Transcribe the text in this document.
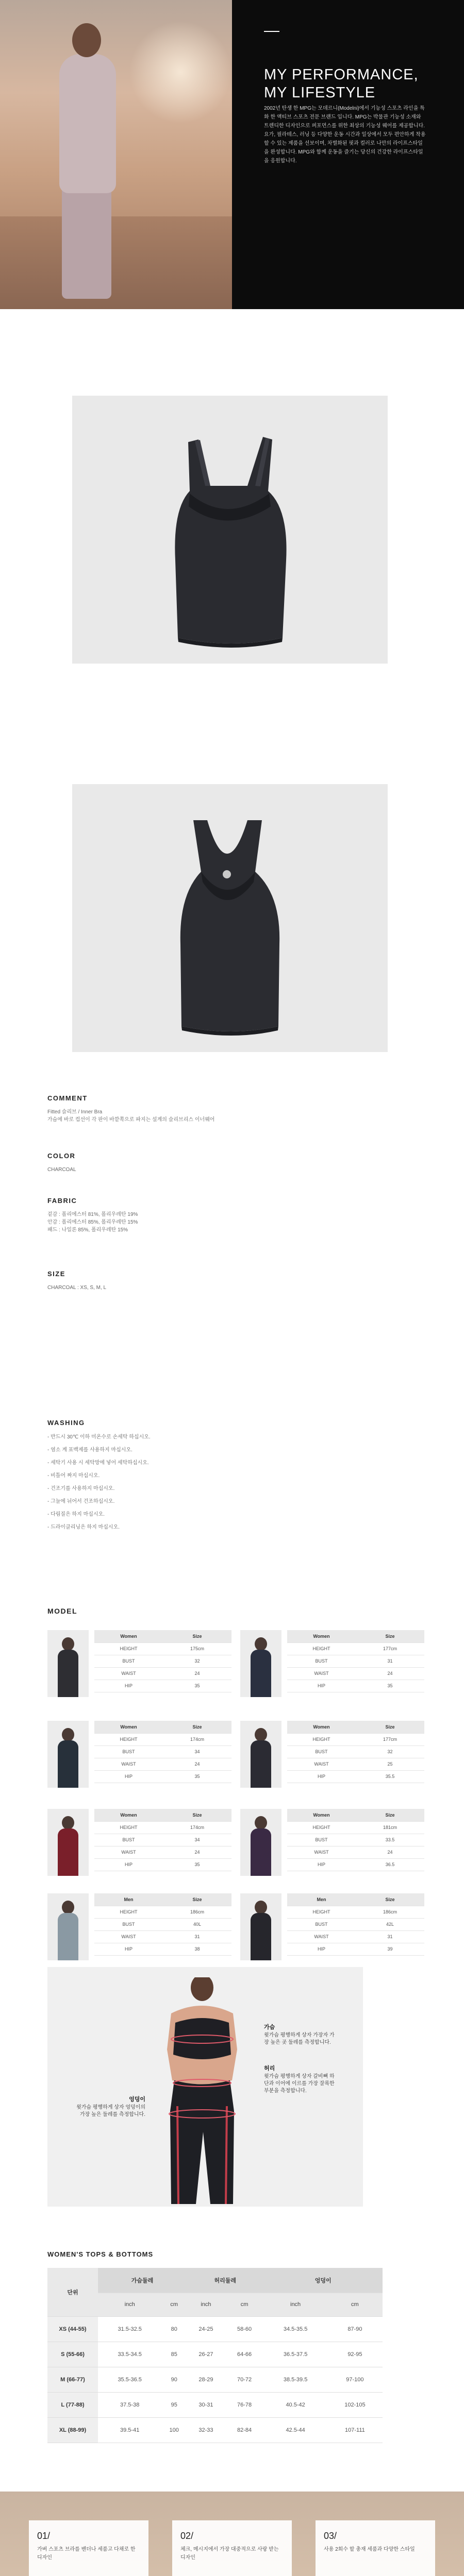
MY PERFORMANCE,
MY LIFESTYLE
2002년 탄생 한 MPG는 모데르니(Modelni)에서 기능성 스포츠 라인을 특화 한 액티브 스포츠 전문 브랜드 입니다. MPG는 박물관 기능성 소재와 트렌디한 디자인으로 퍼포먼스를 위한 최상의 기능성 웨어를 제공합니다. 요가, 필라테스, 러닝 등 다양한 운동 시간과 일상에서 모두 편안하게 착용할 수 있는 제품을 선보이며, 차별화된 핏과 컬러로 나만의 라이프스타일을 완성합니다. MPG와 함께 운동을 즐기는 당신의 건강한 라이프스타일을 응원합니다.
COMMENT
Fitted 슬리브 / Inner Bra
가슴에 바로 컵선이 각 판이 바깥쪽으로 파지는 설계의 슬리브리스 이너웨어
COLOR
CHARCOAL
FABRIC
겉감 : 폴리에스터 81%, 폴리우레탄 19%
안감 : 폴리에스터 85%, 폴리우레탄 15%
패드 : 나일론 85%, 폴리우레탄 15%
SIZE
CHARCOAL : XS, S, M, L
WASHING
- 반드시 30℃ 이하 미온수로 손세탁 하십시오.
- 염소 계 표백제를 사용하지 마십시오.
- 세탁기 사용 시 세탁망에 넣어 세탁하십시오.
- 비틀어 짜지 마십시오.
- 건조기를 사용하지 마십시오.
- 그늘에 뉘어서 건조하십시오.
- 다림질은 하지 마십시오.
- 드라이클리닝은 하지 마십시오.
MODEL
Women	Size
HEIGHT	175cm
BUST	32
WAIST	24
HIP	35
Women	Size
HEIGHT	177cm
BUST	31
WAIST	24
HIP	35
Women	Size
HEIGHT	174cm
BUST	34
WAIST	24
HIP	35
Women	Size
HEIGHT	177cm
BUST	32
WAIST	25
HIP	35.5
Women	Size
HEIGHT	174cm
BUST	34
WAIST	24
HIP	35
Women	Size
HEIGHT	181cm
BUST	33.5
WAIST	24
HIP	36.5
Men	Size
HEIGHT	186cm
BUST	40L
WAIST	31
HIP	38
Men	Size
HEIGHT	186cm
BUST	42L
WAIST	31
HIP	39
가슴
윗가슴 평행하게 상자 가장자 가장 높은 곳 둘레를 측정합니다.
허리
윗가슴 평행하게 상자 갈비뼈 하단과 이어에 이르를 가장 잘록한 부분을 측정합니다.
엉덩이
윗가슴 평행하게 상자 엉덩이의 가장 높은 둘레를 측정합니다.
WOMEN'S TOPS & BOTTOMS
단위	가슴둘레		허리둘레		엉덩이	
	inch	cm	inch	cm	inch	cm
XS (44-55)	31.5-32.5	80	24-25	58-60	34.5-35.5	87-90
S (55-66)	33.5-34.5	85	26-27	64-66	36.5-37.5	92-95
M (66-77)	35.5-36.5	90	28-29	70-72	38.5-39.5	97-100
L (77-88)	37.5-38	95	30-31	76-78	40.5-42	102-105
XL (88-99)	39.5-41	100	32-33	82-84	42.5-44	107-111
01/
가벼 스포츠 브라를 밴더나 세품고 다채로 한 디자인
02/
체크, 메시지에서 가장 대중적으로 사랑 받는 디자인
03/
사용 2회수 할 총재 세품과 다양한 스타일
